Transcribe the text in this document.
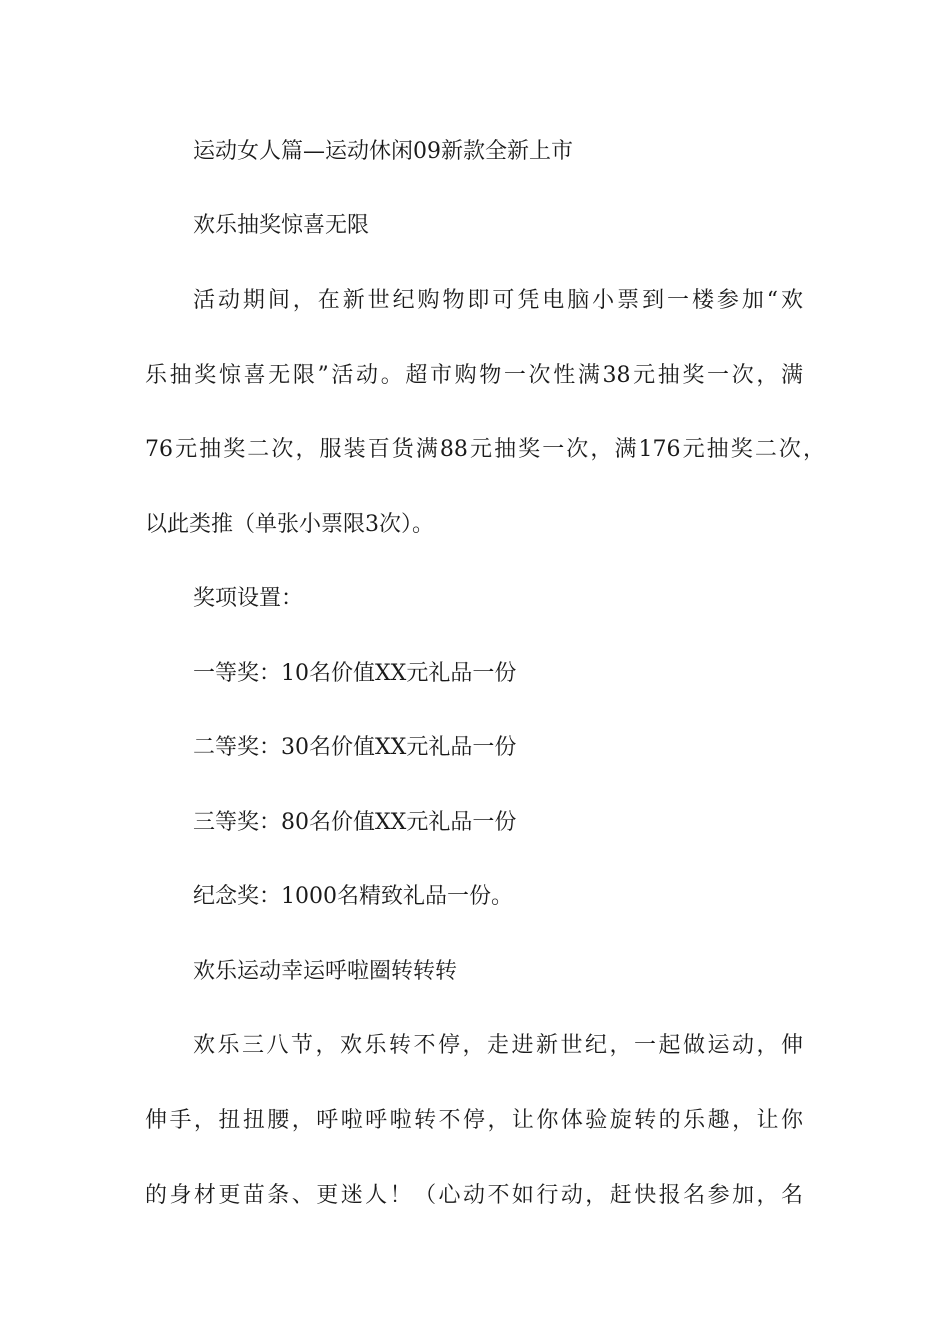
运动女人篇—运动休闲09新款全新上市
欢乐抽奖惊喜无限
活动期间，在新世纪购物即可凭电脑小票到一楼参加“欢
乐抽奖惊喜无限”活动。超市购物一次性满38元抽奖一次，满
76元抽奖二次，服装百货满88元抽奖一次，满176元抽奖二次，
以此类推（单张小票限3次）。
奖项设置：
一等奖：10名价值XX元礼品一份
二等奖：30名价值XX元礼品一份
三等奖：80名价值XX元礼品一份
纪念奖：1000名精致礼品一份。
欢乐运动幸运呼啦圈转转转
欢乐三八节，欢乐转不停，走进新世纪，一起做运动，伸
伸手，扭扭腰，呼啦呼啦转不停，让你体验旋转的乐趣，让你
的身材更苗条、更迷人！（心动不如行动，赶快报名参加，名
